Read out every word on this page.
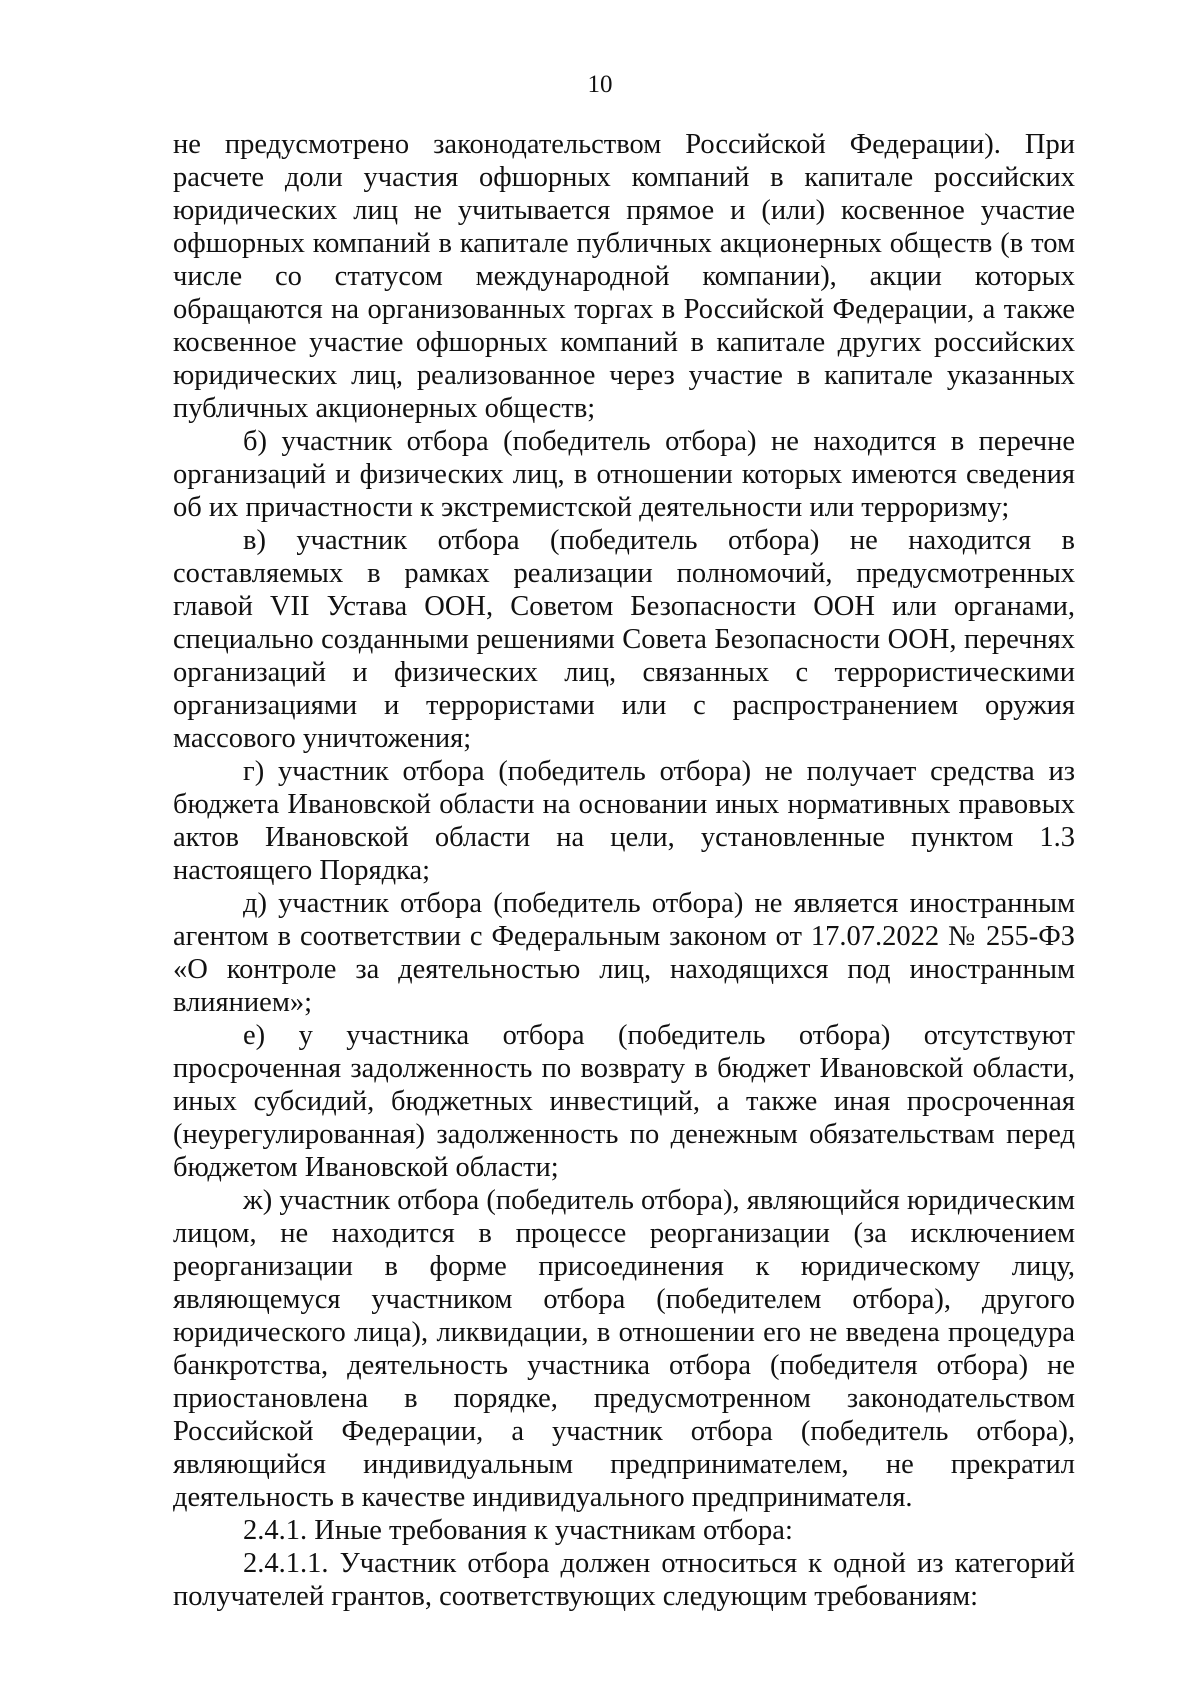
10

не предусмотрено законодательством Российской Федерации). При расчете доли участия офшорных компаний в капитале российских юридических лиц не учитывается прямое и (или) косвенное участие офшорных компаний в капитале публичных акционерных обществ (в том числе со статусом международной компании), акции которых обращаются на организованных торгах в Российской Федерации, а также косвенное участие офшорных компаний в капитале других российских юридических лиц, реализованное через участие в капитале указанных публичных акционерных обществ;

б) участник отбора (победитель отбора) не находится в перечне организаций и физических лиц, в отношении которых имеются сведения об их причастности к экстремистской деятельности или терроризму;

в) участник отбора (победитель отбора) не находится в составляемых в рамках реализации полномочий, предусмотренных главой VII Устава ООН, Советом Безопасности ООН или органами, специально созданными решениями Совета Безопасности ООН, перечнях организаций и физических лиц, связанных с террористическими организациями и террористами или с распространением оружия массового уничтожения;

г) участник отбора (победитель отбора) не получает средства из бюджета Ивановской области на основании иных нормативных правовых актов Ивановской области на цели, установленные пунктом 1.3 настоящего Порядка;

д) участник отбора (победитель отбора) не является иностранным агентом в соответствии с Федеральным законом от 17.07.2022 № 255-ФЗ «О контроле за деятельностью лиц, находящихся под иностранным влиянием»;

е) у участника отбора (победитель отбора) отсутствуют просроченная задолженность по возврату в бюджет Ивановской области, иных субсидий, бюджетных инвестиций, а также иная просроченная (неурегулированная) задолженность по денежным обязательствам перед бюджетом Ивановской области;

ж) участник отбора (победитель отбора), являющийся юридическим лицом, не находится в процессе реорганизации (за исключением реорганизации в форме присоединения к юридическому лицу, являющемуся участником отбора (победителем отбора), другого юридического лица), ликвидации, в отношении его не введена процедура банкротства, деятельность участника отбора (победителя отбора) не приостановлена в порядке, предусмотренном законодательством Российской Федерации, а участник отбора (победитель отбора), являющийся индивидуальным предпринимателем, не прекратил деятельность в качестве индивидуального предпринимателя.

2.4.1. Иные требования к участникам отбора:

2.4.1.1. Участник отбора должен относиться к одной из категорий получателей грантов, соответствующих следующим требованиям:
